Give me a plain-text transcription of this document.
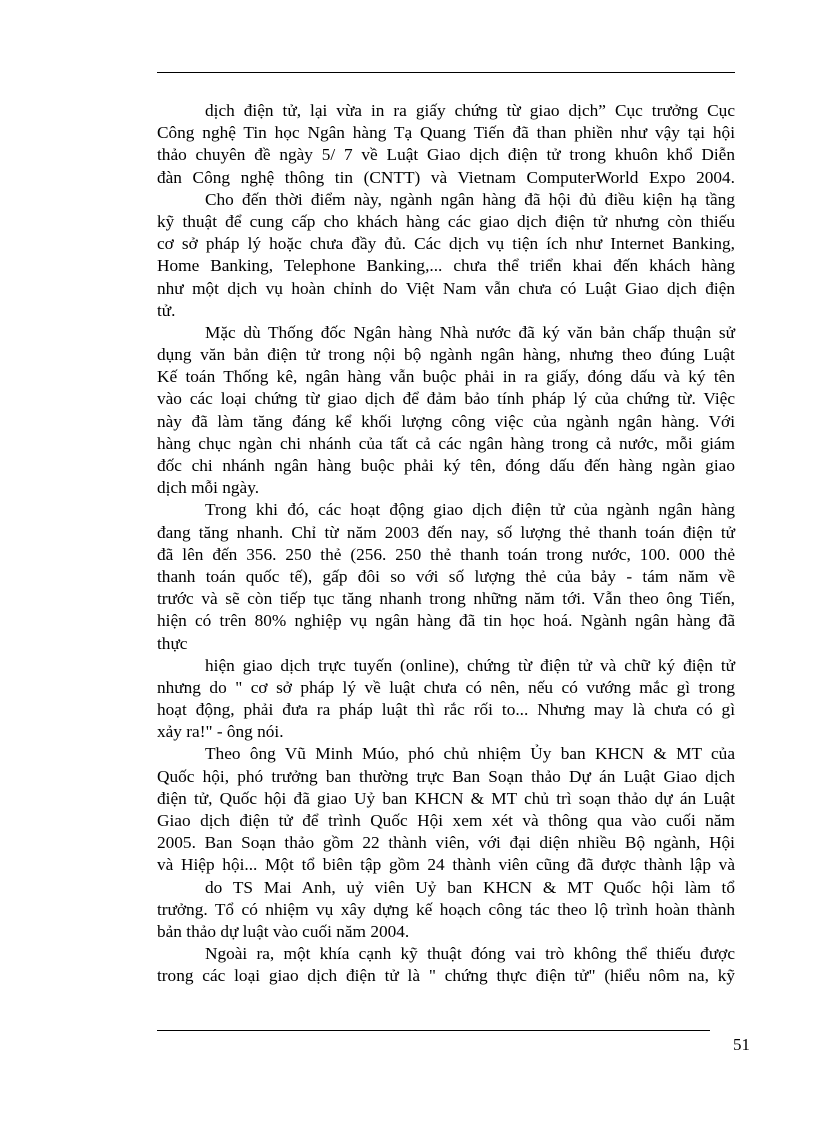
dịch điện tử, lại vừa in ra giấy chứng từ giao dịch” Cục trưởng Cục
Công nghệ Tin học Ngân hàng Tạ Quang Tiến đã than phiền như vậy tại hội
thảo chuyên đề ngày 5/ 7 về Luật Giao dịch điện tử trong khuôn khổ Diễn
đàn Công nghệ thông tin (CNTT) và Vietnam ComputerWorld Expo 2004.
Cho đến thời điểm này, ngành ngân hàng đã hội đủ điều kiện hạ tầng
kỹ thuật để cung cấp cho khách hàng các giao dịch điện tử nhưng còn thiếu
cơ sở pháp lý hoặc chưa đầy đủ. Các dịch vụ tiện ích như Internet Banking,
Home Banking, Telephone Banking,... chưa thể triển khai đến khách hàng
như một dịch vụ hoàn chỉnh do Việt Nam vẫn chưa có Luật Giao dịch điện
tử.
Mặc dù Thống đốc Ngân hàng Nhà nước đã ký văn bản chấp thuận sử
dụng văn bản điện tử trong nội bộ ngành ngân hàng, nhưng theo đúng Luật
Kế toán Thống kê, ngân hàng vẫn buộc phải in ra giấy, đóng dấu và ký tên
vào các loại chứng từ giao dịch để đảm bảo tính pháp lý của chứng từ. Việc
này đã làm tăng đáng kể khối lượng công việc của ngành ngân hàng. Với
hàng chục ngàn chi nhánh của tất cả các ngân hàng trong cả nước, mỗi giám
đốc chi nhánh ngân hàng buộc phải ký tên, đóng dấu đến hàng ngàn giao
dịch mỗi ngày.
Trong khi đó, các hoạt động giao dịch điện tử của ngành ngân hàng
đang tăng nhanh. Chỉ từ năm 2003 đến nay, số lượng thẻ thanh toán điện tử
đã lên đến 356. 250 thẻ (256. 250 thẻ thanh toán trong nước, 100. 000 thẻ
thanh toán quốc tế), gấp đôi so với số lượng thẻ của bảy - tám năm về
trước và sẽ còn tiếp tục tăng nhanh trong những năm tới. Vẫn theo ông Tiến,
hiện có trên 80% nghiệp vụ ngân hàng đã tin học hoá. Ngành ngân hàng đã
thực
hiện giao dịch trực tuyến (online), chứng từ điện tử và chữ ký điện tử
nhưng do " cơ sở pháp lý về luật chưa có nên, nếu có vướng mắc gì trong
hoạt động, phải đưa ra pháp luật thì rắc rối to... Nhưng may là chưa có gì
xảy ra!" - ông nói.
Theo ông Vũ Minh Múo, phó chủ nhiệm Ủy ban KHCN & MT của
Quốc hội, phó trưởng ban thường trực Ban Soạn thảo Dự án Luật Giao dịch
điện tử, Quốc hội đã giao Uỷ ban KHCN & MT chủ trì soạn thảo dự án Luật
Giao dịch điện tử để trình Quốc Hội xem xét và thông qua vào cuối năm
2005. Ban Soạn thảo gồm 22 thành viên, với đại diện nhiều Bộ ngành, Hội
và Hiệp hội... Một tổ biên tập gồm 24 thành viên cũng đã được thành lập và
do TS Mai Anh, uỷ viên Uỷ ban KHCN & MT Quốc hội làm tổ
trưởng. Tổ có nhiệm vụ xây dựng kế hoạch công tác theo lộ trình hoàn thành
bản thảo dự luật vào cuối năm 2004.
Ngoài ra, một khía cạnh kỹ thuật đóng vai trò không thể thiếu được
trong các loại giao dịch điện tử là " chứng thực điện tử" (hiểu nôm na, kỹ
51
